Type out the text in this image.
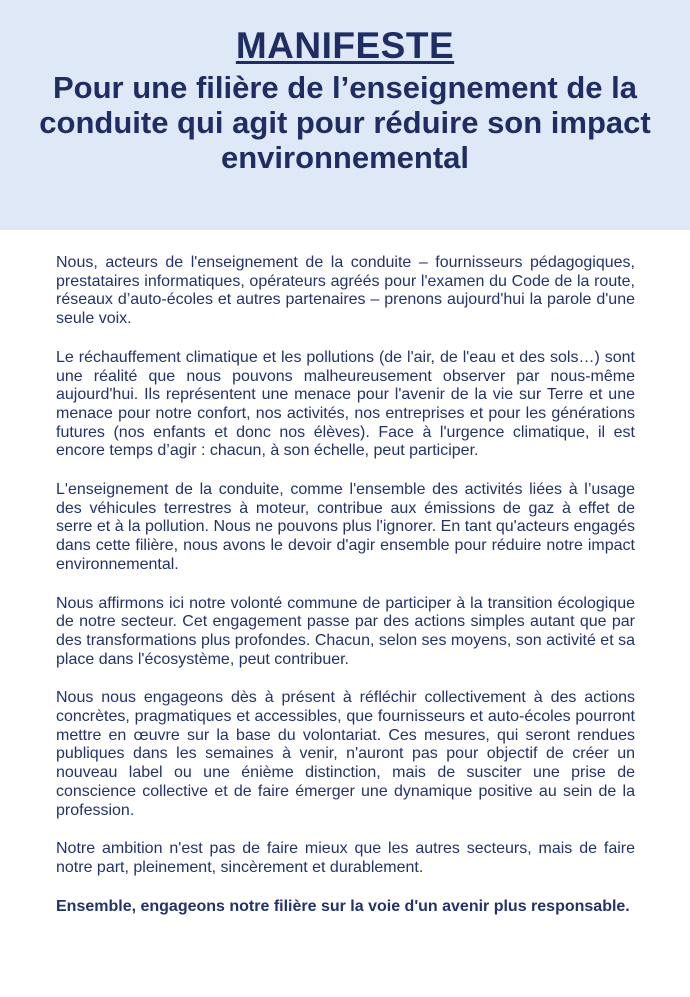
MANIFESTE
Pour une filière de l’enseignement de la conduite qui agit pour réduire son impact environnemental

Nous, acteurs de l'enseignement de la conduite – fournisseurs pédagogiques, prestataires informatiques, opérateurs agréés pour l'examen du Code de la route, réseaux d’auto-écoles et autres partenaires – prenons aujourd'hui la parole d'une seule voix.

Le réchauffement climatique et les pollutions (de l'air, de l'eau et des sols…) sont une réalité que nous pouvons malheureusement observer par nous-même aujourd'hui. Ils représentent une menace pour l'avenir de la vie sur Terre et une menace pour notre confort, nos activités, nos entreprises et pour les générations futures (nos enfants et donc nos élèves). Face à l'urgence climatique, il est encore temps d’agir : chacun, à son échelle, peut participer.

L'enseignement de la conduite, comme l'ensemble des activités liées à l’usage des véhicules terrestres à moteur, contribue aux émissions de gaz à effet de serre et à la pollution. Nous ne pouvons plus l'ignorer. En tant qu'acteurs engagés dans cette filière, nous avons le devoir d'agir ensemble pour réduire notre impact environnemental.

Nous affirmons ici notre volonté commune de participer à la transition écologique de notre secteur. Cet engagement passe par des actions simples autant que par des transformations plus profondes. Chacun, selon ses moyens, son activité et sa place dans l'écosystème, peut contribuer.

Nous nous engageons dès à présent à réfléchir collectivement à des actions concrètes, pragmatiques et accessibles, que fournisseurs et auto-écoles pourront mettre en œuvre sur la base du volontariat. Ces mesures, qui seront rendues publiques dans les semaines à venir, n'auront pas pour objectif de créer un nouveau label ou une énième distinction, mais de susciter une prise de conscience collective et de faire émerger une dynamique positive au sein de la profession.

Notre ambition n'est pas de faire mieux que les autres secteurs, mais de faire notre part, pleinement, sincèrement et durablement.

Ensemble, engageons notre filière sur la voie d'un avenir plus responsable.
